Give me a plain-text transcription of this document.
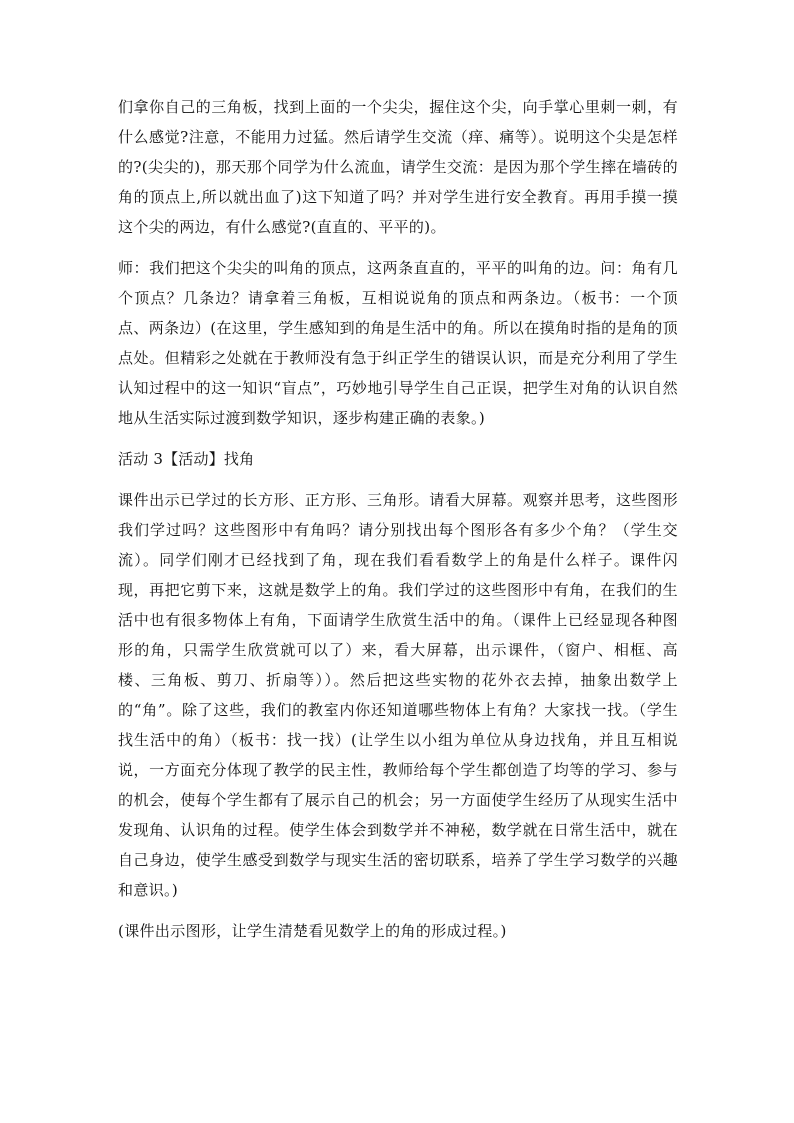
们拿你自己的三角板，找到上面的一个尖尖，握住这个尖，向手掌心里刺一刺，有什么感觉?注意，不能用力过猛。然后请学生交流（痒、痛等）。说明这个尖是怎样的?(尖尖的)，那天那个同学为什么流血，请学生交流：是因为那个学生摔在墙砖的角的顶点上,所以就出血了)这下知道了吗？并对学生进行安全教育。再用手摸一摸这个尖的两边，有什么感觉?(直直的、平平的)。

师：我们把这个尖尖的叫角的顶点，这两条直直的，平平的叫角的边。问：角有几个顶点？几条边？请拿着三角板，互相说说角的顶点和两条边。（板书：一个顶点、两条边）(在这里，学生感知到的角是生活中的角。所以在摸角时指的是角的顶点处。但精彩之处就在于教师没有急于纠正学生的错误认识，而是充分利用了学生认知过程中的这一知识“盲点”，巧妙地引导学生自己正误，把学生对角的认识自然地从生活实际过渡到数学知识，逐步构建正确的表象。)

活动 3【活动】找角

课件出示已学过的长方形、正方形、三角形。请看大屏幕。观察并思考，这些图形我们学过吗？这些图形中有角吗？请分别找出每个图形各有多少个角？（学生交流）。同学们刚才已经找到了角，现在我们看看数学上的角是什么样子。课件闪现，再把它剪下来，这就是数学上的角。我们学过的这些图形中有角，在我们的生活中也有很多物体上有角，下面请学生欣赏生活中的角。（课件上已经显现各种图形的角，只需学生欣赏就可以了）来，看大屏幕，出示课件，（窗户、相框、高楼、三角板、剪刀、折扇等））。然后把这些实物的花外衣去掉，抽象出数学上的“角”。除了这些，我们的教室内你还知道哪些物体上有角？大家找一找。（学生找生活中的角）（板书：找一找）(让学生以小组为单位从身边找角，并且互相说说，一方面充分体现了教学的民主性，教师给每个学生都创造了均等的学习、参与的机会，使每个学生都有了展示自己的机会；另一方面使学生经历了从现实生活中发现角、认识角的过程。使学生体会到数学并不神秘，数学就在日常生活中，就在自己身边，使学生感受到数学与现实生活的密切联系，培养了学生学习数学的兴趣和意识。)

(课件出示图形，让学生清楚看见数学上的角的形成过程。)
